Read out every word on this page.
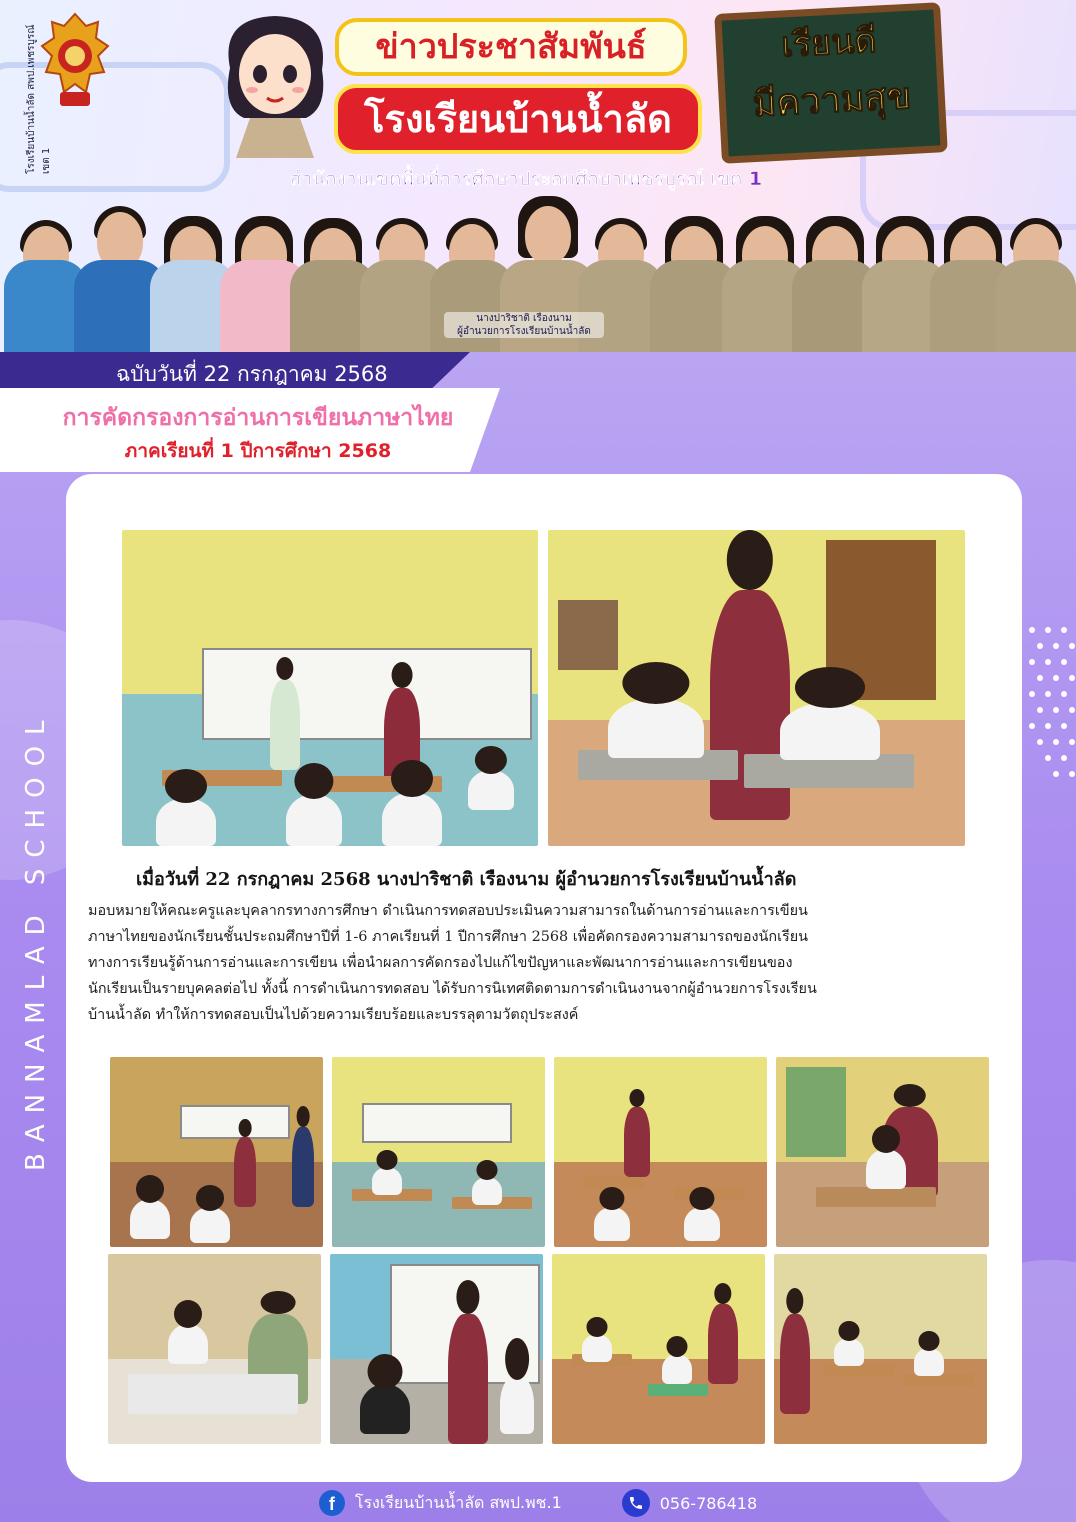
โรงเรียนบ้านน้ำลัด สพป.เพชรบูรณ์ เขต 1
ข่าวประชาสัมพันธ์
โรงเรียนบ้านน้ำลัด
เรียนดี
มีความสุข
สำนักงานเขตพื้นที่การศึกษาประถมศึกษาเพชรบูรณ์ เขต 1
นางปาริชาติ เรืองนาม
ผู้อำนวยการโรงเรียนบ้านน้ำลัด
ฉบับวันที่ 22 กรกฎาคม 2568
การคัดกรองการอ่านการเขียนภาษาไทย
ภาคเรียนที่ 1 ปีการศึกษา 2568
BANNAMLAD SCHOOL	เมื่อวันที่ 22 กรกฎาคม 2568 นางปาริชาติ เรืองนาม ผู้อำนวยการโรงเรียนบ้านน้ำลัด
มอบหมายให้คณะครูและบุคลากรทางการศึกษา ดำเนินการทดสอบประเมินความสามารถในด้านการอ่านและการเขียน
ภาษาไทยของนักเรียนชั้นประถมศึกษาปีที่ 1-6 ภาคเรียนที่ 1 ปีการศึกษา 2568 เพื่อคัดกรองความสามารถของนักเรียน
ทางการเรียนรู้ด้านการอ่านและการเขียน เพื่อนำผลการคัดกรองไปแก้ไขปัญหาและพัฒนาการอ่านและการเขียนของ
นักเรียนเป็นรายบุคคลต่อไป ทั้งนี้ การดำเนินการทดสอบ ได้รับการนิเทศติดตามการดำเนินงานจากผู้อำนวยการโรงเรียน
บ้านน้ำลัด ทำให้การทดสอบเป็นไปด้วยความเรียบร้อยและบรรลุตามวัตถุประสงค์
f	โรงเรียนบ้านน้ำลัด สพป.พช.1	056-786418
